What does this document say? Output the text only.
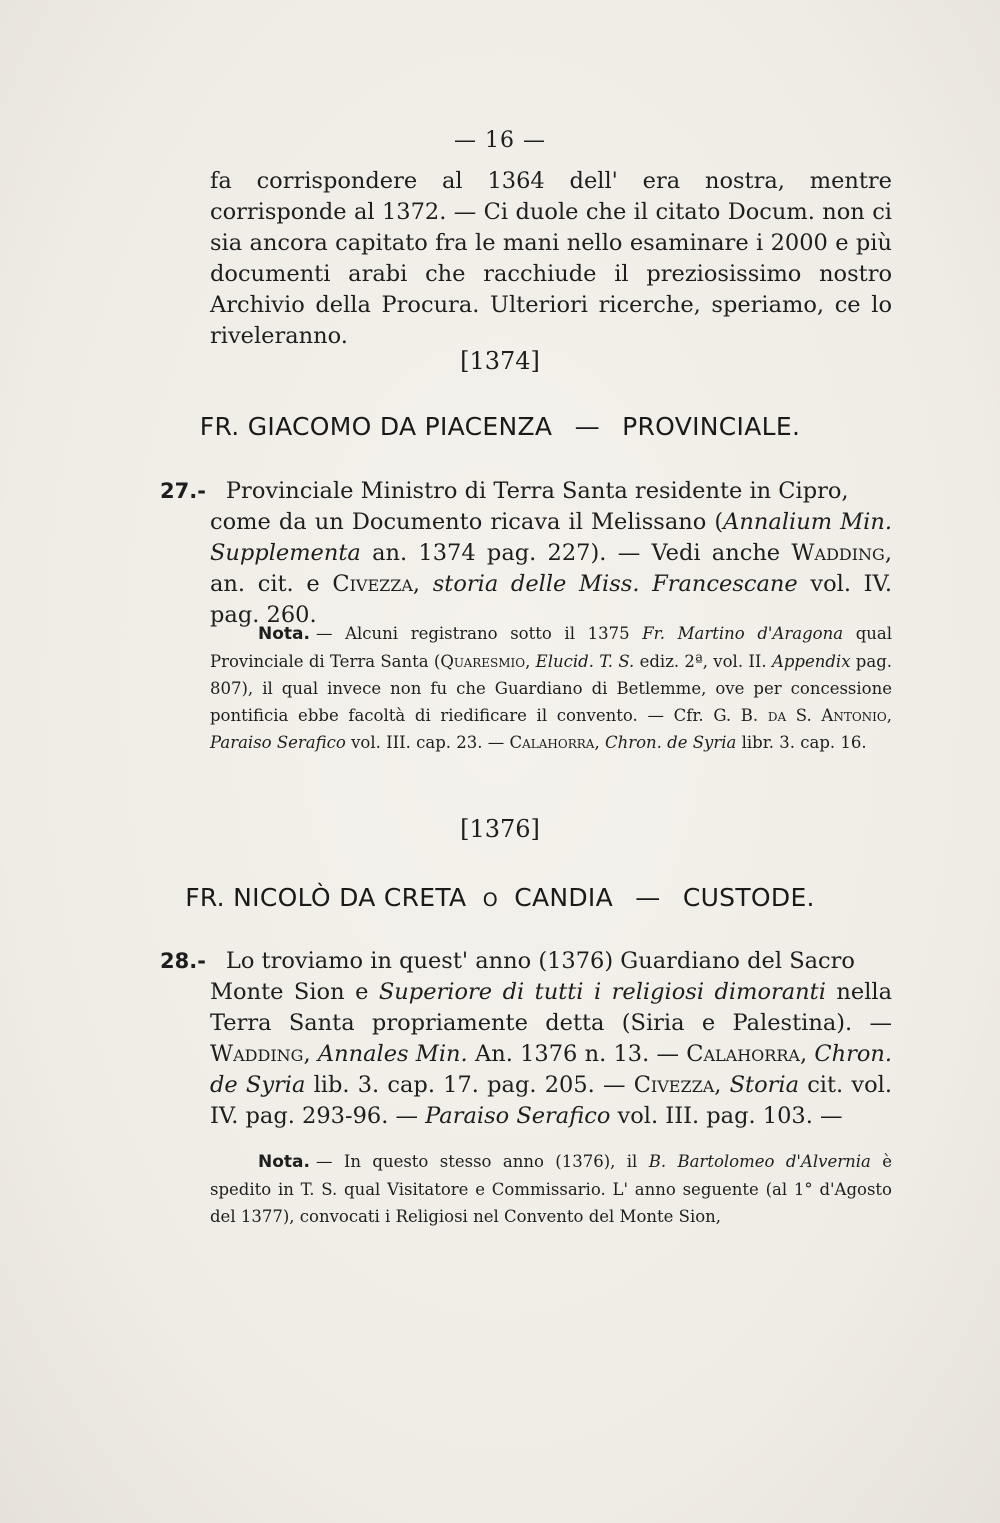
— 16 —

fa corrispondere al 1364 dell' era nostra, mentre corrisponde al 1372. — Ci duole che il citato Docum. non ci sia ancora capitato fra le mani nello esaminare i 2000 e più documenti arabi che racchiude il preziosissimo nostro Archivio della Procura. Ulteriori ricerche, speriamo, ce lo riveleranno.

[1374]
FR. GIACOMO DA PIACENZA — PROVINCIALE.
27.- Provinciale Ministro di Terra Santa residente in Cipro,
come da un Documento ricava il Melissano (Annalium Min. Supplementa an. 1374 pag. 227). — Vedi anche Wadding, an. cit. e Civezza, storia delle Miss. Francescane vol. IV. pag. 260.
Nota. — Alcuni registrano sotto il 1375 Fr. Martino d'Aragona qual Provinciale di Terra Santa (Quaresmio, Elucid. T. S. ediz. 2ª, vol. II. Appendix pag. 807), il qual invece non fu che Guardiano di Betlemme, ove per concessione pontificia ebbe facoltà di riedificare il convento. — Cfr. G. B. da S. Antonio, Paraiso Serafico vol. III. cap. 23. — Calahorra, Chron. de Syria libr. 3. cap. 16.
[1376]
FR. NICOLÒ DA CRETA O CANDIA — CUSTODE.
28.- Lo troviamo in quest' anno (1376) Guardiano del Sacro
Monte Sion e Superiore di tutti i religiosi dimoranti nella Terra Santa propriamente detta (Siria e Palestina). — Wadding, Annales Min. An. 1376 n. 13. — Calahorra, Chron. de Syria lib. 3. cap. 17. pag. 205. — Civezza, Storia cit. vol. IV. pag. 293-96. — Paraiso Serafico vol. III. pag. 103. —
Nota. — In questo stesso anno (1376), il B. Bartolomeo d'Alvernia è spedito in T. S. qual Visitatore e Commissario. L' anno seguente (al 1° d'Agosto del 1377), convocati i Religiosi nel Convento del Monte Sion,
